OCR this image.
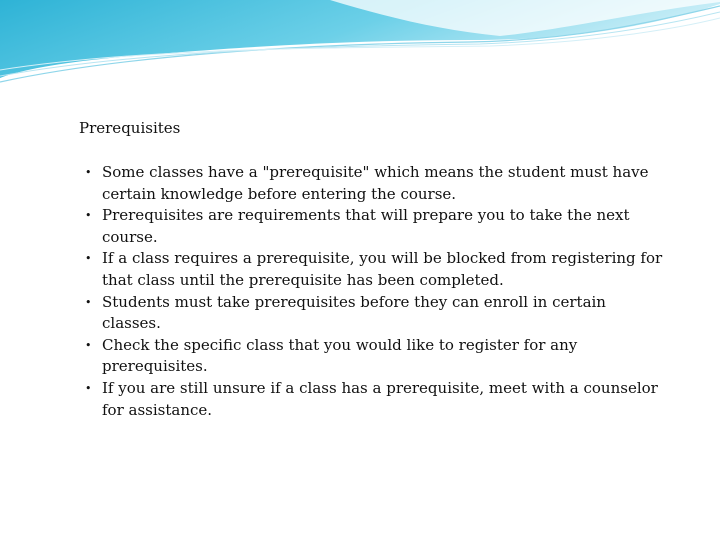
Prerequisites
• Some classes have a "prerequisite" which means the student must have certain knowledge before entering the course.
• Prerequisites are requirements that will prepare you to take the next course.
• If a class requires a prerequisite, you will be blocked from registering for that class until the prerequisite has been completed.
• Students must take prerequisites before they can enroll in certain classes.
• Check the specific class that you would like to register for any prerequisites.
• If you are still unsure if a class has a prerequisite, meet with a counselor for assistance.
